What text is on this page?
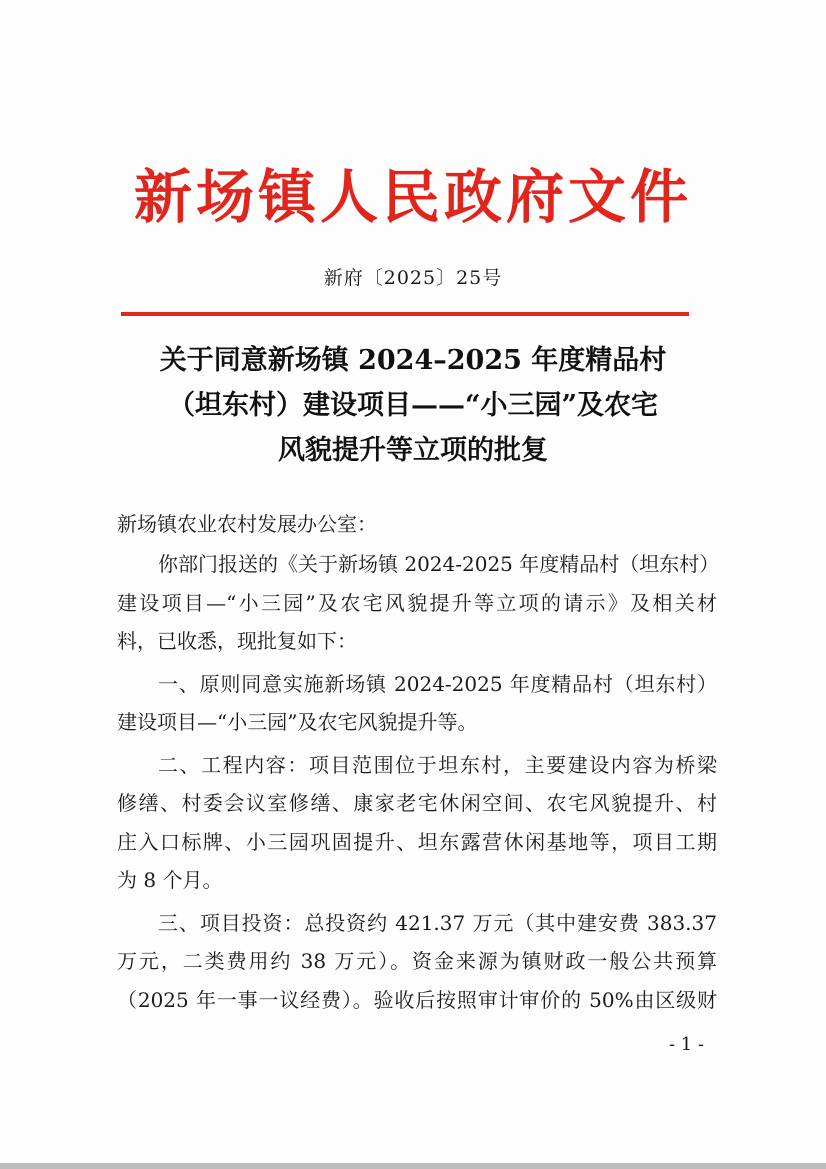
新场镇人民政府文件
新府〔2025〕25号
关于同意新场镇 2024–2025 年度精品村
（坦东村）建设项目——“小三园”及农宅
风貌提升等立项的批复
新场镇农业农村发展办公室：
你部门报送的《关于新场镇 2024-2025 年度精品村（坦东村）
建设项目—“小三园”及农宅风貌提升等立项的请示》及相关材
料，已收悉，现批复如下：
一、原则同意实施新场镇 2024-2025 年度精品村（坦东村）
建设项目—“小三园”及农宅风貌提升等。
二、工程内容：项目范围位于坦东村，主要建设内容为桥梁
修缮、村委会议室修缮、康家老宅休闲空间、农宅风貌提升、村
庄入口标牌、小三园巩固提升、坦东露营休闲基地等，项目工期
为 8 个月。
三、项目投资：总投资约 421.37 万元（其中建安费 383.37
万元，二类费用约 38 万元）。资金来源为镇财政一般公共预算
（2025 年一事一议经费）。验收后按照审计审价的 50%由区级财
- 1 -
